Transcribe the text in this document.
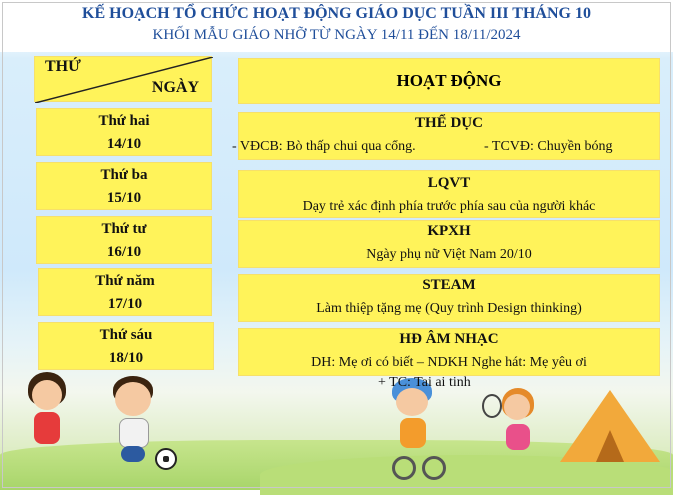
KẾ HOẠCH TỔ CHỨC HOẠT ĐỘNG GIÁO DỤC TUẦN III THÁNG 10
KHỐI MẪU GIÁO NHỠ TỪ NGÀY 14/11 ĐẾN 18/11/2024
THỨ
NGÀY	HOẠT ĐỘNG
Thứ hai
14/10
Thứ ba
15/10
Thứ tư
16/10
Thứ năm
17/10
Thứ sáu
18/10
THỂ DỤC
- VĐCB: Bò thấp chui qua cổng.	- TCVĐ: Chuyền bóng
LQVT
Dạy trẻ xác định phía trước phía sau của người khác
KPXH
Ngày phụ nữ Việt Nam 20/10
STEAM
Làm thiệp tặng mẹ (Quy trình Design thinking)
HĐ ÂM NHẠC
DH: Mẹ ơi có biết – NDKH Nghe hát: Mẹ yêu ơi
+ TC: Tai ai tinh
